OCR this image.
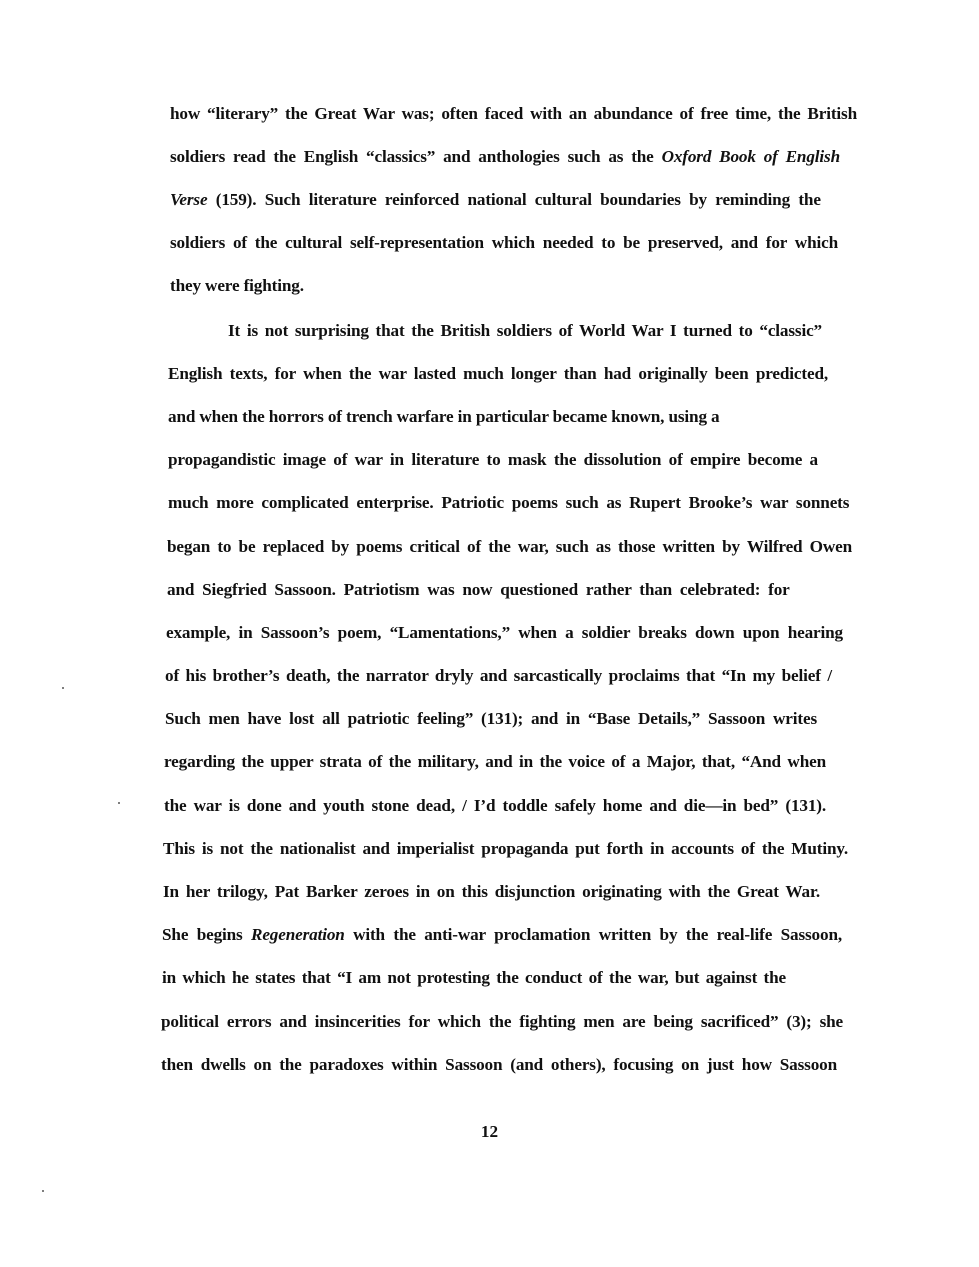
how “literary” the Great War was; often faced with an abundance of free time, the British
soldiers read the English “classics” and anthologies such as the Oxford Book of English
Verse (159). Such literature reinforced national cultural boundaries by reminding the
soldiers of the cultural self-representation which needed to be preserved, and for which
they were fighting.
It is not surprising that the British soldiers of World War I turned to “classic”
English texts, for when the war lasted much longer than had originally been predicted,
and when the horrors of trench warfare in particular became known, using a
propagandistic image of war in literature to mask the dissolution of empire become a
much more complicated enterprise. Patriotic poems such as Rupert Brooke’s war sonnets
began to be replaced by poems critical of the war, such as those written by Wilfred Owen
and Siegfried Sassoon. Patriotism was now questioned rather than celebrated: for
example, in Sassoon’s poem, “Lamentations,” when a soldier breaks down upon hearing
of his brother’s death, the narrator dryly and sarcastically proclaims that “In my belief /
Such men have lost all patriotic feeling” (131); and in “Base Details,” Sassoon writes
regarding the upper strata of the military, and in the voice of a Major, that, “And when
the war is done and youth stone dead, / I’d toddle safely home and die—in bed” (131).
This is not the nationalist and imperialist propaganda put forth in accounts of the Mutiny.
In her trilogy, Pat Barker zeroes in on this disjunction originating with the Great War.
She begins Regeneration with the anti-war proclamation written by the real-life Sassoon,
in which he states that “I am not protesting the conduct of the war, but against the
political errors and insincerities for which the fighting men are being sacrificed” (3); she
then dwells on the paradoxes within Sassoon (and others), focusing on just how Sassoon
12
